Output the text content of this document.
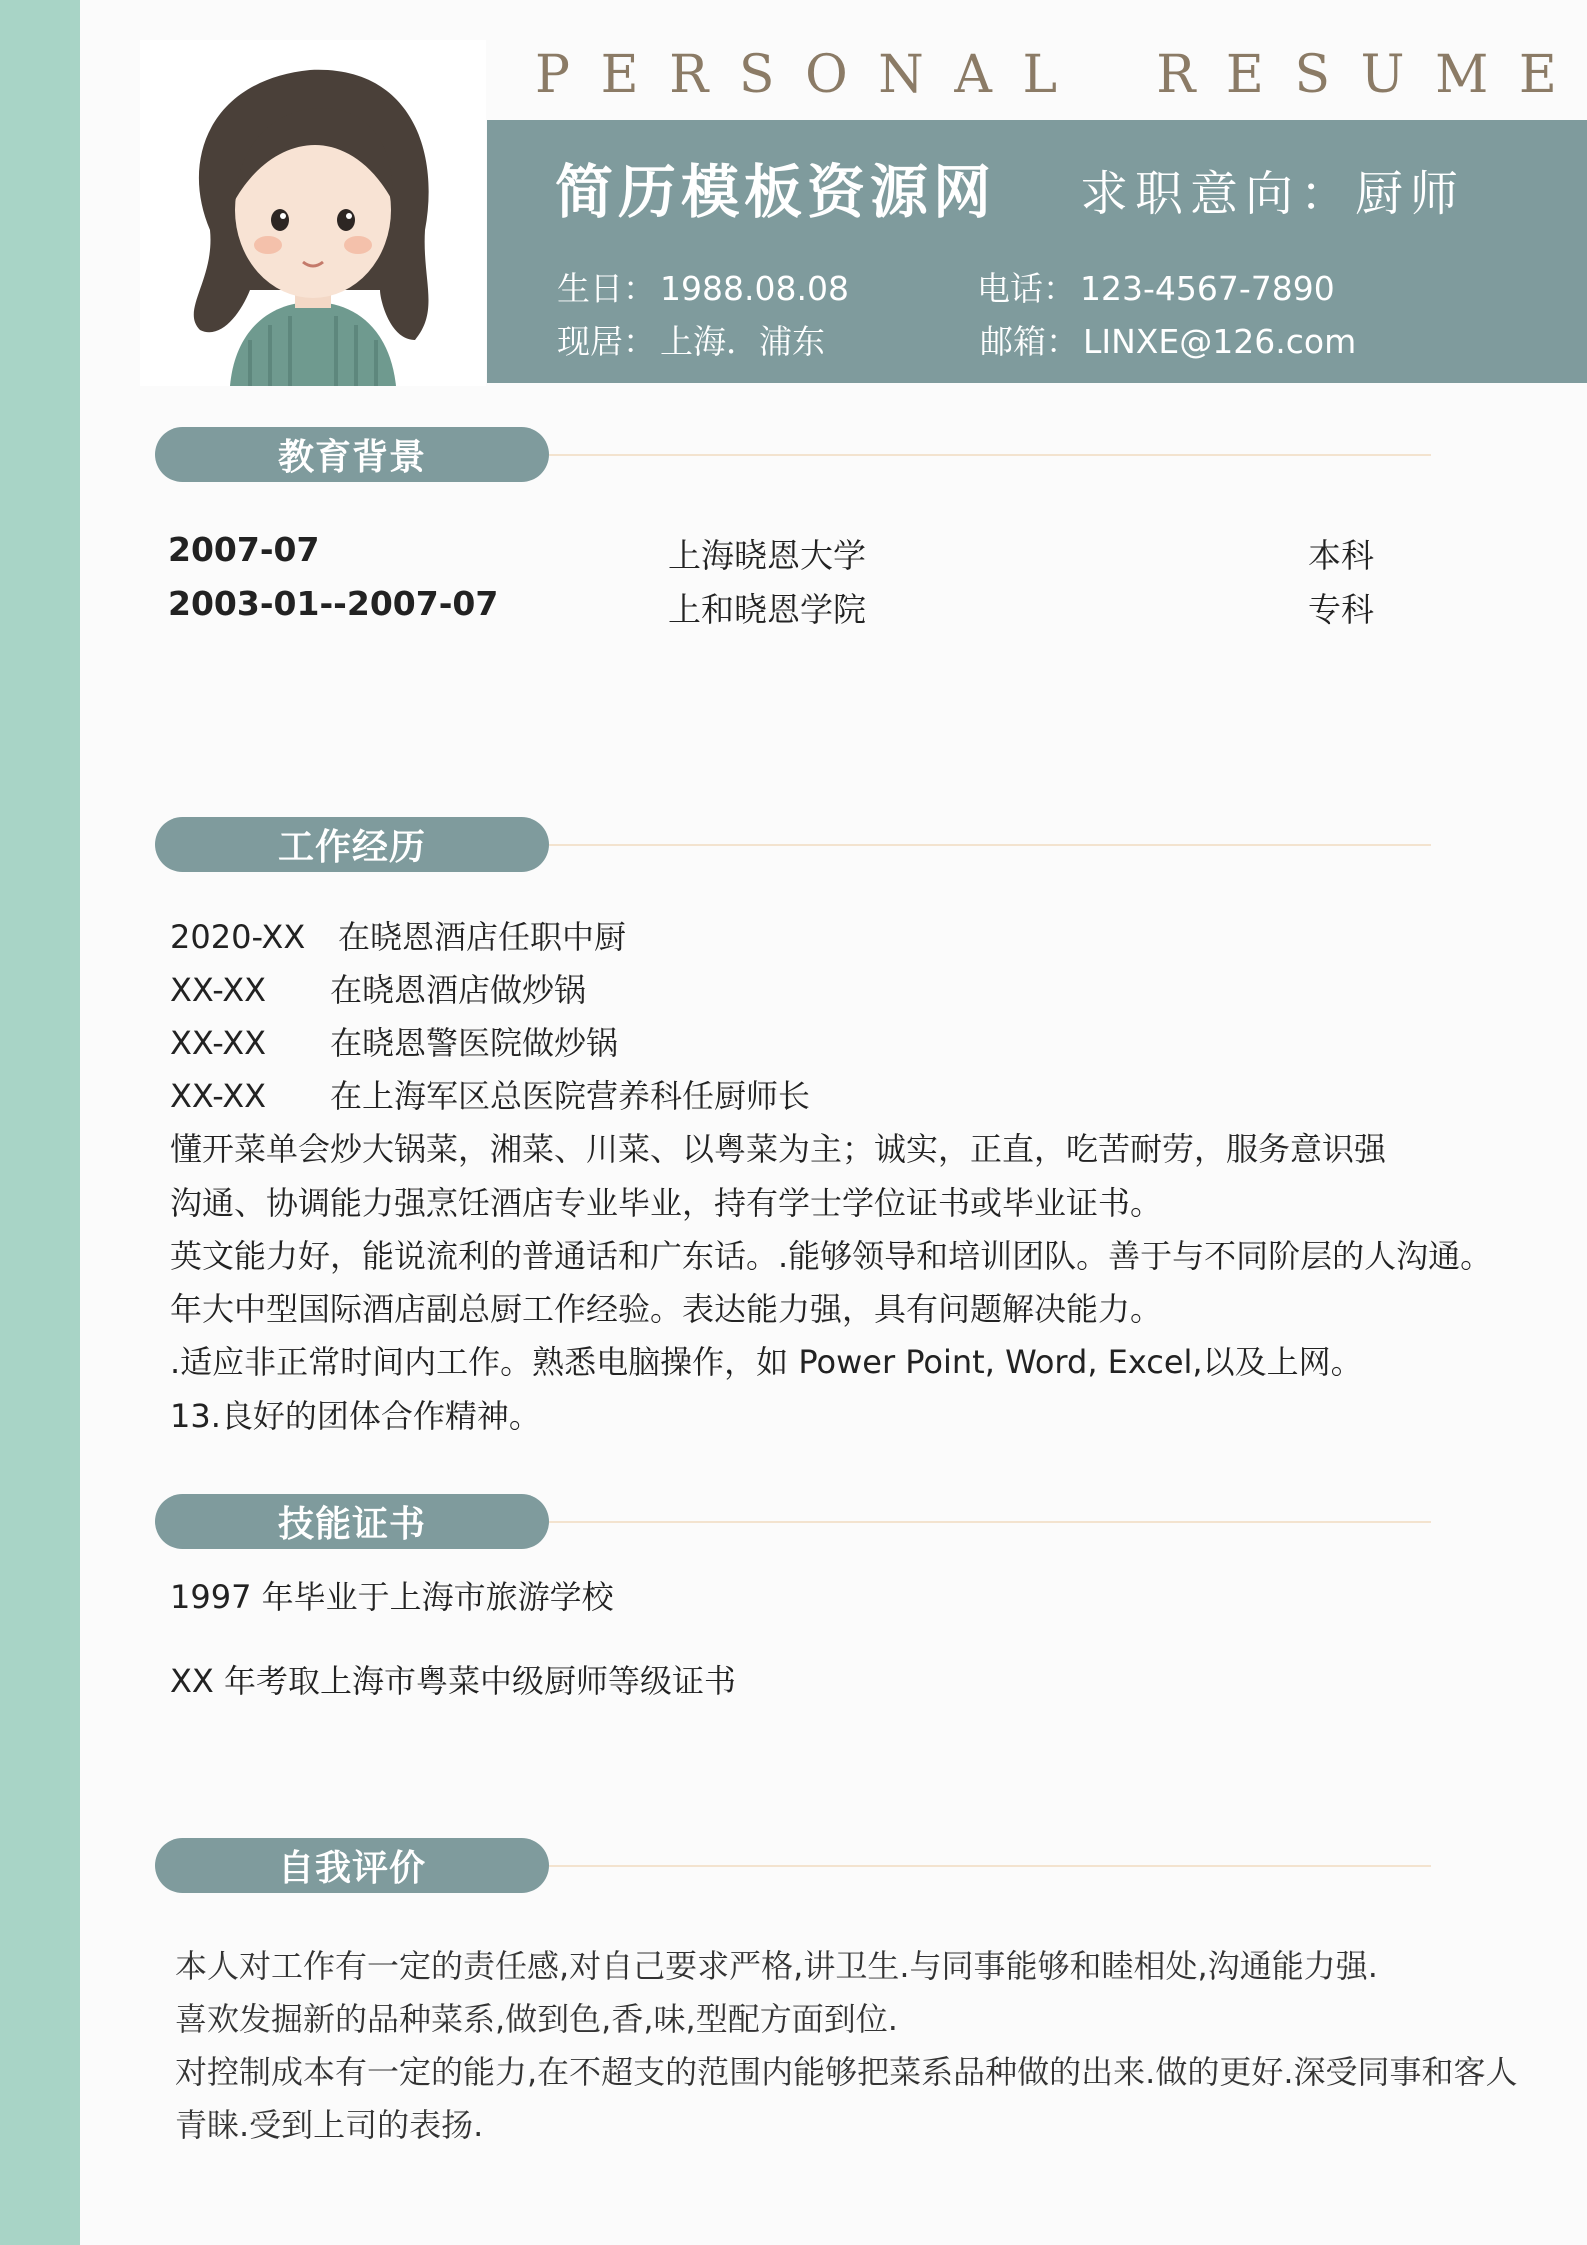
P E R S O N A L R E S U M E
简历模板资源网 求职意向：厨师
生日： 1988.08.08	电话： 123-4567-7890
现居： 上海．浦东	邮箱： LINXE@126.com
教育背景
2007-07	上海晓恩大学	本科
2003-01--2007-07	上和晓恩学院	专科
工作经历
2020-XX 在晓恩酒店任职中厨
XX-XX 在晓恩酒店做炒锅
XX-XX 在晓恩警医院做炒锅
XX-XX 在上海军区总医院营养科任厨师长
懂开菜单会炒大锅菜，湘菜、川菜、以粤菜为主；诚实，正直，吃苦耐劳，服务意识强
沟通、协调能力强烹饪酒店专业毕业，持有学士学位证书或毕业证书。
英文能力好，能说流利的普通话和广东话。.能够领导和培训团队。善于与不同阶层的人沟通。
年大中型国际酒店副总厨工作经验。表达能力强，具有问题解决能力。
.适应非正常时间内工作。熟悉电脑操作，如 Power Point, Word, Excel,以及上网。
13.良好的团体合作精神。
技能证书
1997 年毕业于上海市旅游学校
XX 年考取上海市粤菜中级厨师等级证书
自我评价
本人对工作有一定的责任感,对自己要求严格,讲卫生.与同事能够和睦相处,沟通能力强.
喜欢发掘新的品种菜系,做到色,香,味,型配方面到位.
对控制成本有一定的能力,在不超支的范围内能够把菜系品种做的出来.做的更好.深受同事和客人
青睐.受到上司的表扬.
